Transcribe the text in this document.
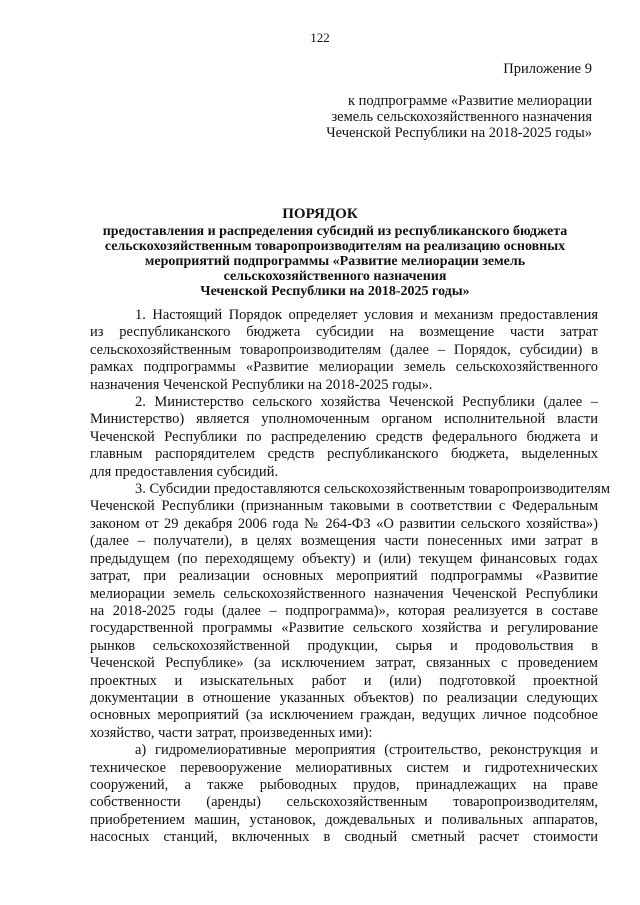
122
Приложение 9
к подпрограмме «Развитие мелиорации
земель сельскохозяйственного назначения
Чеченской Республики на 2018-2025 годы»
ПОРЯДОК
предоставления и распределения субсидий из республиканского бюджета
сельскохозяйственным товаропроизводителям на реализацию основных
мероприятий подпрограммы «Развитие мелиорации земель
сельскохозяйственного назначения
Чеченской Республики на 2018-2025 годы»
1. Настоящий Порядок определяет условия и механизм предоставления
из республиканского бюджета субсидии на возмещение части затрат
сельскохозяйственным товаропроизводителям (далее – Порядок, субсидии) в
рамках подпрограммы «Развитие мелиорации земель сельскохозяйственного
назначения Чеченской Республики на 2018-2025 годы».
2. Министерство сельского хозяйства Чеченской Республики (далее –
Министерство) является уполномоченным органом исполнительной власти
Чеченской Республики по распределению средств федерального бюджета и
главным распорядителем средств республиканского бюджета, выделенных
для предоставления субсидий.
3. Субсидии предоставляются сельскохозяйственным товаропроизводителям
Чеченской Республики (признанным таковыми в соответствии с Федеральным
законом от 29 декабря 2006 года № 264-ФЗ «О развитии сельского хозяйства»)
(далее – получатели), в целях возмещения части понесенных ими затрат в
предыдущем (по переходящему объекту) и (или) текущем финансовых годах
затрат, при реализации основных мероприятий подпрограммы «Развитие
мелиорации земель сельскохозяйственного назначения Чеченской Республики
на 2018-2025 годы (далее – подпрограмма)», которая реализуется в составе
государственной программы «Развитие сельского хозяйства и регулирование
рынков сельскохозяйственной продукции, сырья и продовольствия в
Чеченской Республике» (за исключением затрат, связанных с проведением
проектных и изыскательных работ и (или) подготовкой проектной
документации в отношение указанных объектов) по реализации следующих
основных мероприятий (за исключением граждан, ведущих личное подсобное
хозяйство, части затрат, произведенных ими):
а) гидромелиоративные мероприятия (строительство, реконструкция и
техническое перевооружение мелиоративных систем и гидротехнических
сооружений, а также рыбоводных прудов, принадлежащих на праве
собственности (аренды) сельскохозяйственным товаропроизводителям,
приобретением машин, установок, дождевальных и поливальных аппаратов,
насосных станций, включенных в сводный сметный расчет стоимости
